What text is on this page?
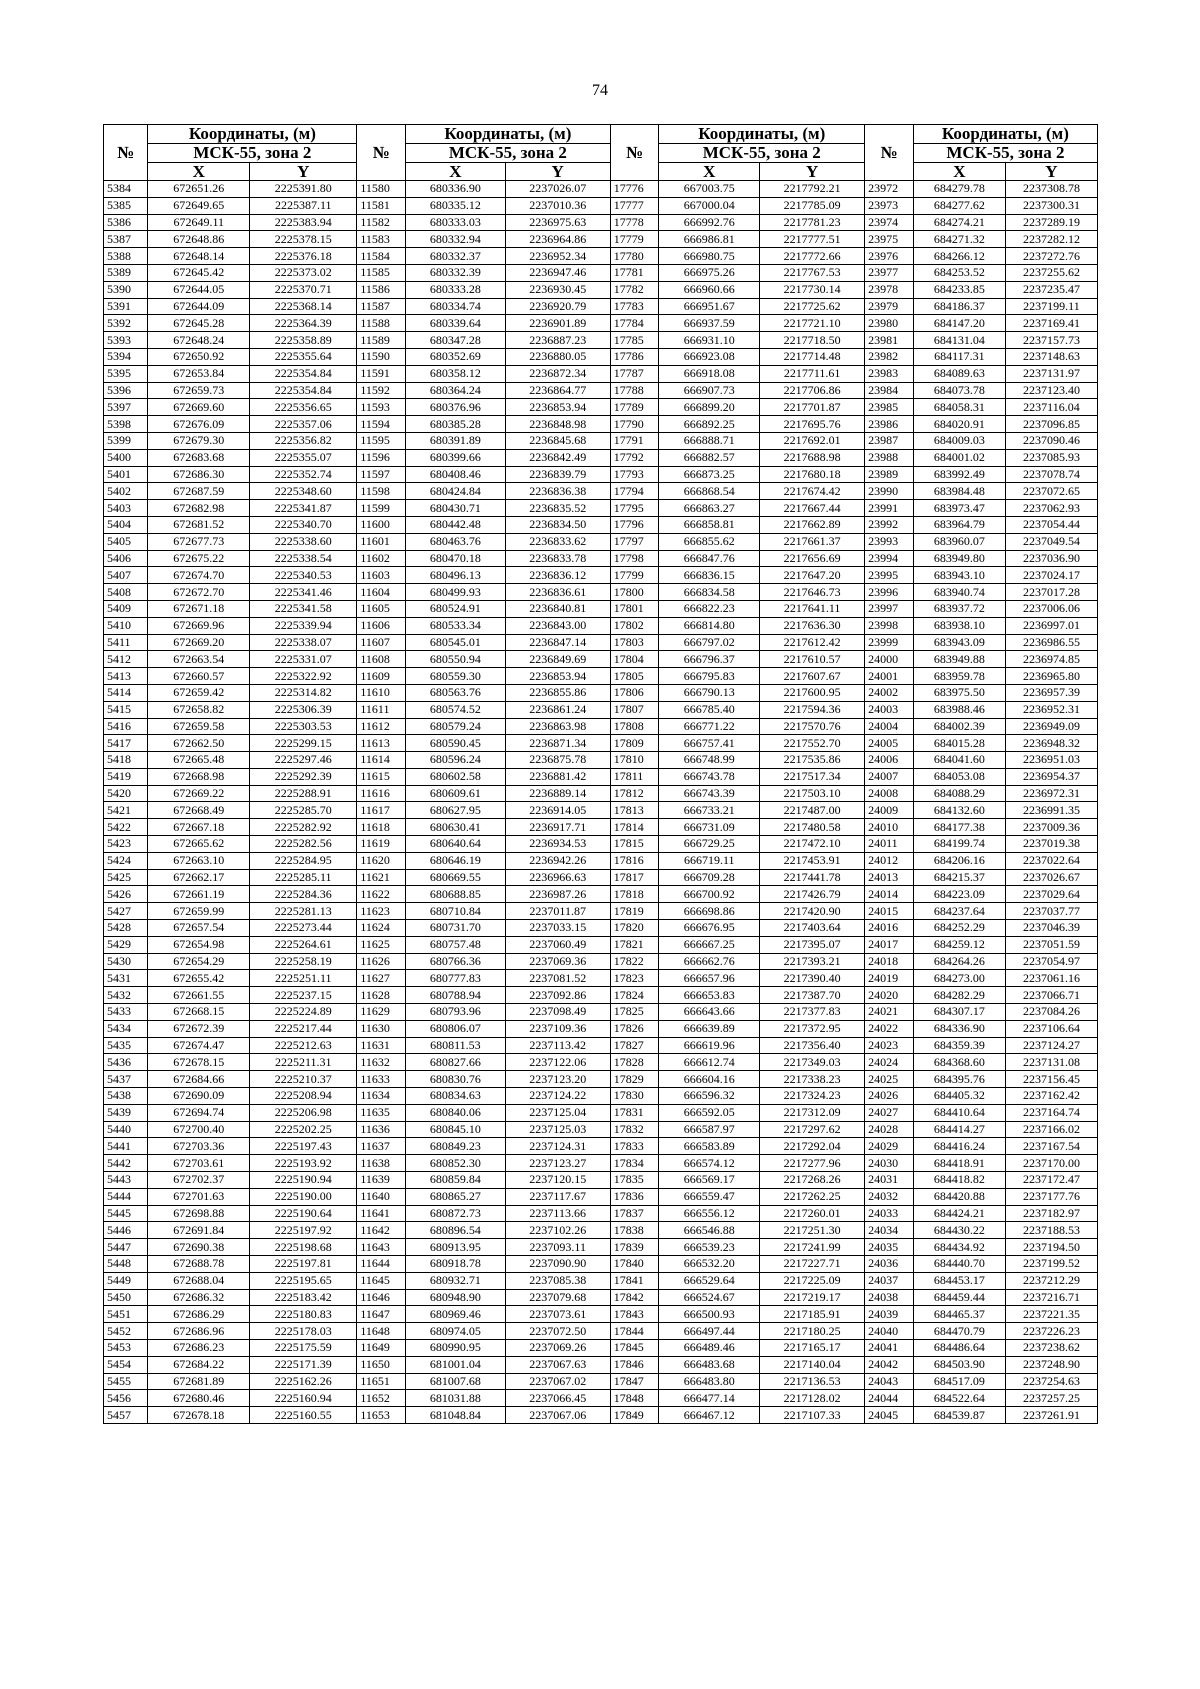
74
№	Координаты, (м)		№	Координаты, (м)		№	Координаты, (м)		№	Координаты, (м)	
	МСК-55, зона 2			МСК-55, зона 2			МСК-55, зона 2			МСК-55, зона 2	
	X	Y		X	Y		X	Y		X	Y
5384	672651.26	2225391.80	11580	680336.90	2237026.07	17776	667003.75	2217792.21	23972	684279.78	2237308.78
5385	672649.65	2225387.11	11581	680335.12	2237010.36	17777	667000.04	2217785.09	23973	684277.62	2237300.31
5386	672649.11	2225383.94	11582	680333.03	2236975.63	17778	666992.76	2217781.23	23974	684274.21	2237289.19
5387	672648.86	2225378.15	11583	680332.94	2236964.86	17779	666986.81	2217777.51	23975	684271.32	2237282.12
5388	672648.14	2225376.18	11584	680332.37	2236952.34	17780	666980.75	2217772.66	23976	684266.12	2237272.76
5389	672645.42	2225373.02	11585	680332.39	2236947.46	17781	666975.26	2217767.53	23977	684253.52	2237255.62
5390	672644.05	2225370.71	11586	680333.28	2236930.45	17782	666960.66	2217730.14	23978	684233.85	2237235.47
5391	672644.09	2225368.14	11587	680334.74	2236920.79	17783	666951.67	2217725.62	23979	684186.37	2237199.11
5392	672645.28	2225364.39	11588	680339.64	2236901.89	17784	666937.59	2217721.10	23980	684147.20	2237169.41
5393	672648.24	2225358.89	11589	680347.28	2236887.23	17785	666931.10	2217718.50	23981	684131.04	2237157.73
5394	672650.92	2225355.64	11590	680352.69	2236880.05	17786	666923.08	2217714.48	23982	684117.31	2237148.63
5395	672653.84	2225354.84	11591	680358.12	2236872.34	17787	666918.08	2217711.61	23983	684089.63	2237131.97
5396	672659.73	2225354.84	11592	680364.24	2236864.77	17788	666907.73	2217706.86	23984	684073.78	2237123.40
5397	672669.60	2225356.65	11593	680376.96	2236853.94	17789	666899.20	2217701.87	23985	684058.31	2237116.04
5398	672676.09	2225357.06	11594	680385.28	2236848.98	17790	666892.25	2217695.76	23986	684020.91	2237096.85
5399	672679.30	2225356.82	11595	680391.89	2236845.68	17791	666888.71	2217692.01	23987	684009.03	2237090.46
5400	672683.68	2225355.07	11596	680399.66	2236842.49	17792	666882.57	2217688.98	23988	684001.02	2237085.93
5401	672686.30	2225352.74	11597	680408.46	2236839.79	17793	666873.25	2217680.18	23989	683992.49	2237078.74
5402	672687.59	2225348.60	11598	680424.84	2236836.38	17794	666868.54	2217674.42	23990	683984.48	2237072.65
5403	672682.98	2225341.87	11599	680430.71	2236835.52	17795	666863.27	2217667.44	23991	683973.47	2237062.93
5404	672681.52	2225340.70	11600	680442.48	2236834.50	17796	666858.81	2217662.89	23992	683964.79	2237054.44
5405	672677.73	2225338.60	11601	680463.76	2236833.62	17797	666855.62	2217661.37	23993	683960.07	2237049.54
5406	672675.22	2225338.54	11602	680470.18	2236833.78	17798	666847.76	2217656.69	23994	683949.80	2237036.90
5407	672674.70	2225340.53	11603	680496.13	2236836.12	17799	666836.15	2217647.20	23995	683943.10	2237024.17
5408	672672.70	2225341.46	11604	680499.93	2236836.61	17800	666834.58	2217646.73	23996	683940.74	2237017.28
5409	672671.18	2225341.58	11605	680524.91	2236840.81	17801	666822.23	2217641.11	23997	683937.72	2237006.06
5410	672669.96	2225339.94	11606	680533.34	2236843.00	17802	666814.80	2217636.30	23998	683938.10	2236997.01
5411	672669.20	2225338.07	11607	680545.01	2236847.14	17803	666797.02	2217612.42	23999	683943.09	2236986.55
5412	672663.54	2225331.07	11608	680550.94	2236849.69	17804	666796.37	2217610.57	24000	683949.88	2236974.85
5413	672660.57	2225322.92	11609	680559.30	2236853.94	17805	666795.83	2217607.67	24001	683959.78	2236965.80
5414	672659.42	2225314.82	11610	680563.76	2236855.86	17806	666790.13	2217600.95	24002	683975.50	2236957.39
5415	672658.82	2225306.39	11611	680574.52	2236861.24	17807	666785.40	2217594.36	24003	683988.46	2236952.31
5416	672659.58	2225303.53	11612	680579.24	2236863.98	17808	666771.22	2217570.76	24004	684002.39	2236949.09
5417	672662.50	2225299.15	11613	680590.45	2236871.34	17809	666757.41	2217552.70	24005	684015.28	2236948.32
5418	672665.48	2225297.46	11614	680596.24	2236875.78	17810	666748.99	2217535.86	24006	684041.60	2236951.03
5419	672668.98	2225292.39	11615	680602.58	2236881.42	17811	666743.78	2217517.34	24007	684053.08	2236954.37
5420	672669.22	2225288.91	11616	680609.61	2236889.14	17812	666743.39	2217503.10	24008	684088.29	2236972.31
5421	672668.49	2225285.70	11617	680627.95	2236914.05	17813	666733.21	2217487.00	24009	684132.60	2236991.35
5422	672667.18	2225282.92	11618	680630.41	2236917.71	17814	666731.09	2217480.58	24010	684177.38	2237009.36
5423	672665.62	2225282.56	11619	680640.64	2236934.53	17815	666729.25	2217472.10	24011	684199.74	2237019.38
5424	672663.10	2225284.95	11620	680646.19	2236942.26	17816	666719.11	2217453.91	24012	684206.16	2237022.64
5425	672662.17	2225285.11	11621	680669.55	2236966.63	17817	666709.28	2217441.78	24013	684215.37	2237026.67
5426	672661.19	2225284.36	11622	680688.85	2236987.26	17818	666700.92	2217426.79	24014	684223.09	2237029.64
5427	672659.99	2225281.13	11623	680710.84	2237011.87	17819	666698.86	2217420.90	24015	684237.64	2237037.77
5428	672657.54	2225273.44	11624	680731.70	2237033.15	17820	666676.95	2217403.64	24016	684252.29	2237046.39
5429	672654.98	2225264.61	11625	680757.48	2237060.49	17821	666667.25	2217395.07	24017	684259.12	2237051.59
5430	672654.29	2225258.19	11626	680766.36	2237069.36	17822	666662.76	2217393.21	24018	684264.26	2237054.97
5431	672655.42	2225251.11	11627	680777.83	2237081.52	17823	666657.96	2217390.40	24019	684273.00	2237061.16
5432	672661.55	2225237.15	11628	680788.94	2237092.86	17824	666653.83	2217387.70	24020	684282.29	2237066.71
5433	672668.15	2225224.89	11629	680793.96	2237098.49	17825	666643.66	2217377.83	24021	684307.17	2237084.26
5434	672672.39	2225217.44	11630	680806.07	2237109.36	17826	666639.89	2217372.95	24022	684336.90	2237106.64
5435	672674.47	2225212.63	11631	680811.53	2237113.42	17827	666619.96	2217356.40	24023	684359.39	2237124.27
5436	672678.15	2225211.31	11632	680827.66	2237122.06	17828	666612.74	2217349.03	24024	684368.60	2237131.08
5437	672684.66	2225210.37	11633	680830.76	2237123.20	17829	666604.16	2217338.23	24025	684395.76	2237156.45
5438	672690.09	2225208.94	11634	680834.63	2237124.22	17830	666596.32	2217324.23	24026	684405.32	2237162.42
5439	672694.74	2225206.98	11635	680840.06	2237125.04	17831	666592.05	2217312.09	24027	684410.64	2237164.74
5440	672700.40	2225202.25	11636	680845.10	2237125.03	17832	666587.97	2217297.62	24028	684414.27	2237166.02
5441	672703.36	2225197.43	11637	680849.23	2237124.31	17833	666583.89	2217292.04	24029	684416.24	2237167.54
5442	672703.61	2225193.92	11638	680852.30	2237123.27	17834	666574.12	2217277.96	24030	684418.91	2237170.00
5443	672702.37	2225190.94	11639	680859.84	2237120.15	17835	666569.17	2217268.26	24031	684418.82	2237172.47
5444	672701.63	2225190.00	11640	680865.27	2237117.67	17836	666559.47	2217262.25	24032	684420.88	2237177.76
5445	672698.88	2225190.64	11641	680872.73	2237113.66	17837	666556.12	2217260.01	24033	684424.21	2237182.97
5446	672691.84	2225197.92	11642	680896.54	2237102.26	17838	666546.88	2217251.30	24034	684430.22	2237188.53
5447	672690.38	2225198.68	11643	680913.95	2237093.11	17839	666539.23	2217241.99	24035	684434.92	2237194.50
5448	672688.78	2225197.81	11644	680918.78	2237090.90	17840	666532.20	2217227.71	24036	684440.70	2237199.52
5449	672688.04	2225195.65	11645	680932.71	2237085.38	17841	666529.64	2217225.09	24037	684453.17	2237212.29
5450	672686.32	2225183.42	11646	680948.90	2237079.68	17842	666524.67	2217219.17	24038	684459.44	2237216.71
5451	672686.29	2225180.83	11647	680969.46	2237073.61	17843	666500.93	2217185.91	24039	684465.37	2237221.35
5452	672686.96	2225178.03	11648	680974.05	2237072.50	17844	666497.44	2217180.25	24040	684470.79	2237226.23
5453	672686.23	2225175.59	11649	680990.95	2237069.26	17845	666489.46	2217165.17	24041	684486.64	2237238.62
5454	672684.22	2225171.39	11650	681001.04	2237067.63	17846	666483.68	2217140.04	24042	684503.90	2237248.90
5455	672681.89	2225162.26	11651	681007.68	2237067.02	17847	666483.80	2217136.53	24043	684517.09	2237254.63
5456	672680.46	2225160.94	11652	681031.88	2237066.45	17848	666477.14	2217128.02	24044	684522.64	2237257.25
5457	672678.18	2225160.55	11653	681048.84	2237067.06	17849	666467.12	2217107.33	24045	684539.87	2237261.91
